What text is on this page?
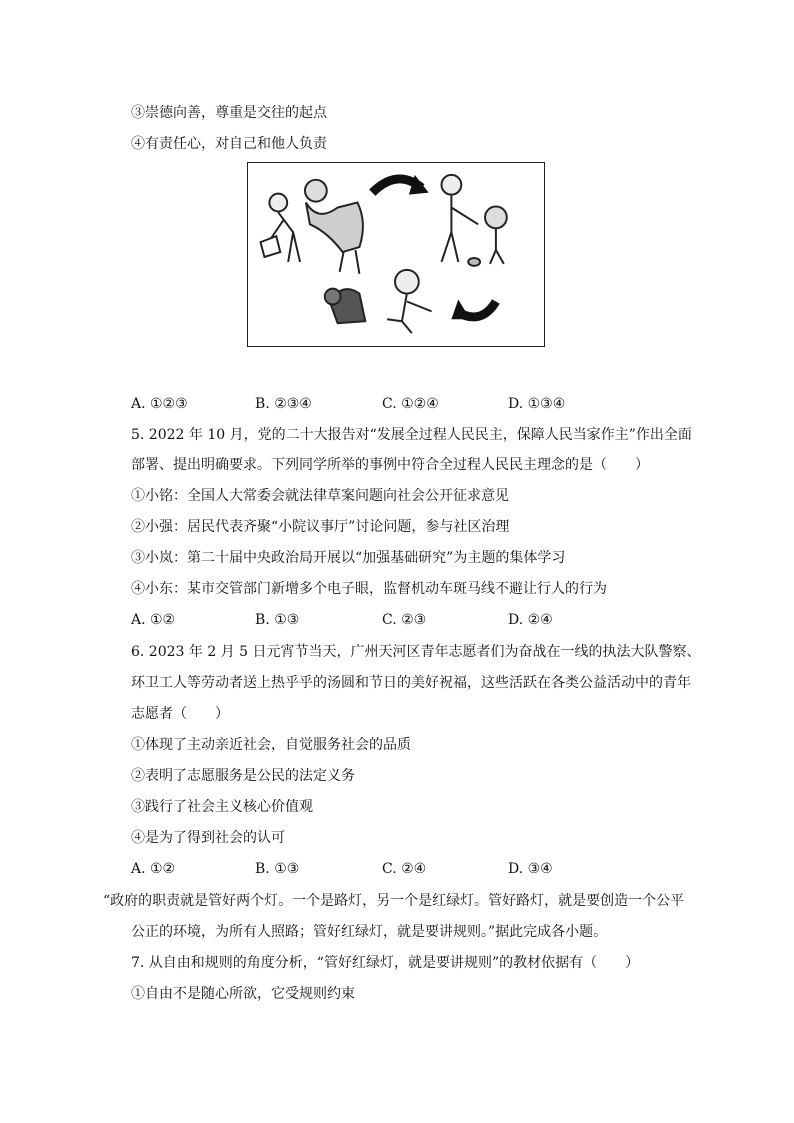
③崇德向善，尊重是交往的起点
④有责任心，对自己和他人负责
A. ①②③	B. ②③④	C. ①②④	D. ①③④
5. 2022 年 10 月，党的二十大报告对“发展全过程人民民主，保障人民当家作主”作出全面
部署、提出明确要求。下列同学所举的事例中符合全过程人民民主理念的是（　　）
①小铭：全国人大常委会就法律草案问题向社会公开征求意见
②小强：居民代表齐聚“小院议事厅”讨论问题，参与社区治理
③小岚：第二十届中央政治局开展以“加强基础研究”为主题的集体学习
④小东：某市交管部门新增多个电子眼，监督机动车斑马线不避让行人的行为
A. ①②	B. ①③	C. ②③	D. ②④
6. 2023 年 2 月 5 日元宵节当天，广州天河区青年志愿者们为奋战在一线的执法大队警察、
环卫工人等劳动者送上热乎乎的汤圆和节日的美好祝福，这些活跃在各类公益活动中的青年
志愿者（　　）
①体现了主动亲近社会，自觉服务社会的品质
②表明了志愿服务是公民的法定义务
③践行了社会主义核心价值观
④是为了得到社会的认可
A. ①②	B. ①③	C. ②④	D. ③④
“政府的职责就是管好两个灯。一个是路灯，另一个是红绿灯。管好路灯，就是要创造一个公平
公正的环境，为所有人照路；管好红绿灯，就是要讲规则。”据此完成各小题。
7. 从自由和规则的角度分析，“管好红绿灯，就是要讲规则”的教材依据有（　　）
①自由不是随心所欲，它受规则约束
